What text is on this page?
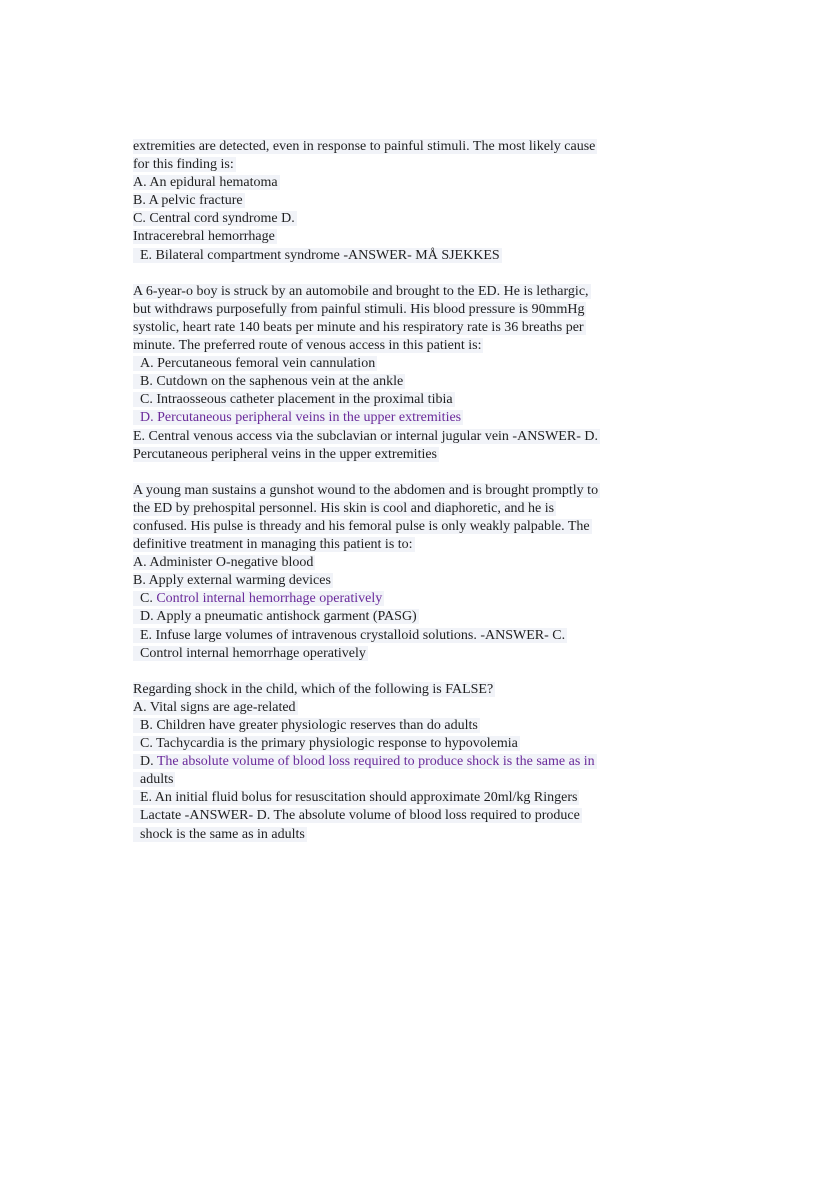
extremities are detected, even in response to painful stimuli. The most likely cause
for this finding is:
A. An epidural hematoma
B. A pelvic fracture
C. Central cord syndrome D.
Intracerebral hemorrhage
E. Bilateral compartment syndrome -ANSWER- MÅ SJEKKES
A 6-year-o boy is struck by an automobile and brought to the ED. He is lethargic,
but withdraws purposefully from painful stimuli. His blood pressure is 90mmHg
systolic, heart rate 140 beats per minute and his respiratory rate is 36 breaths per
minute. The preferred route of venous access in this patient is:
A. Percutaneous femoral vein cannulation
B. Cutdown on the saphenous vein at the ankle
C. Intraosseous catheter placement in the proximal tibia
D. Percutaneous peripheral veins in the upper extremities
E. Central venous access via the subclavian or internal jugular vein -ANSWER- D.
Percutaneous peripheral veins in the upper extremities
A young man sustains a gunshot wound to the abdomen and is brought promptly to
the ED by prehospital personnel. His skin is cool and diaphoretic, and he is
confused. His pulse is thready and his femoral pulse is only weakly palpable. The
definitive treatment in managing this patient is to:
A. Administer O-negative blood
B. Apply external warming devices
C. Control internal hemorrhage operatively
D. Apply a pneumatic antishock garment (PASG)
E. Infuse large volumes of intravenous crystalloid solutions. -ANSWER- C.
Control internal hemorrhage operatively
Regarding shock in the child, which of the following is FALSE?
A. Vital signs are age-related
B. Children have greater physiologic reserves than do adults
C. Tachycardia is the primary physiologic response to hypovolemia
D. The absolute volume of blood loss required to produce shock is the same as in
adults
E. An initial fluid bolus for resuscitation should approximate 20ml/kg Ringers
Lactate -ANSWER- D. The absolute volume of blood loss required to produce
shock is the same as in adults
